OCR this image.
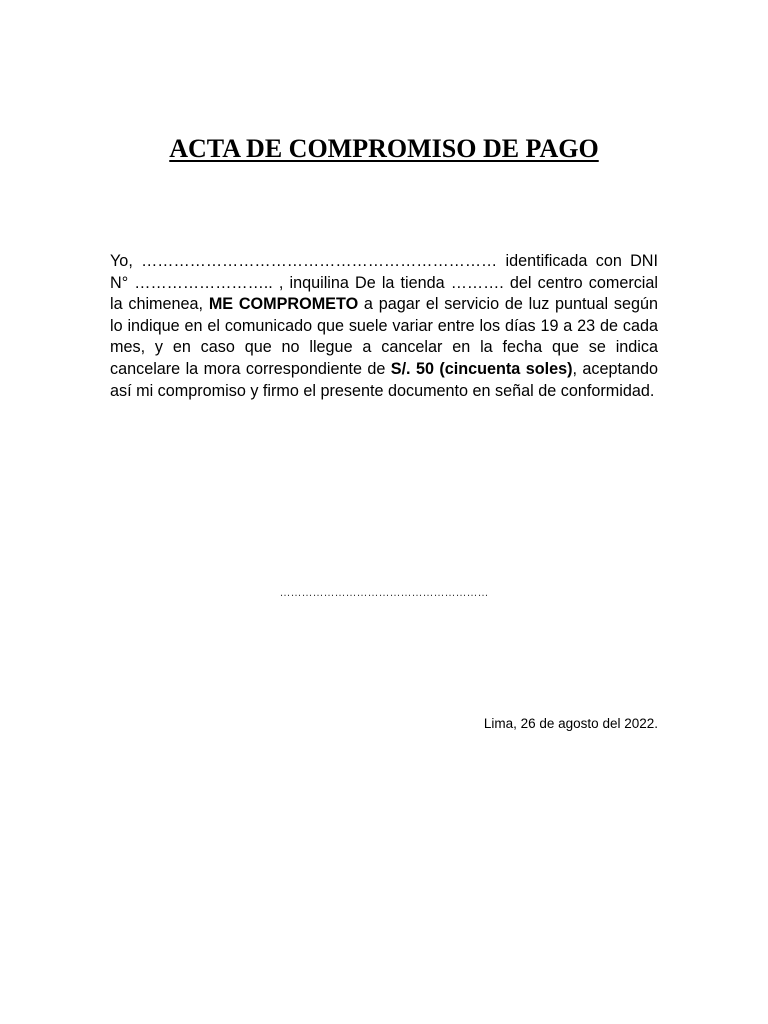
ACTA DE COMPROMISO DE PAGO

Yo, ………………………………………………………… identificada con DNI N° …………………….. , inquilina De la tienda ………. del centro comercial la chimenea, ME COMPROMETO a pagar el servicio de luz puntual según lo indique en el comunicado que suele variar entre los días 19 a 23 de cada mes, y en caso que no llegue a cancelar en la fecha que se indica cancelare la mora correspondiente de S/. 50 (cincuenta soles), aceptando así mi compromiso y firmo el presente documento en señal de conformidad.

…………………………………………………
Lima, 26 de agosto del 2022.
